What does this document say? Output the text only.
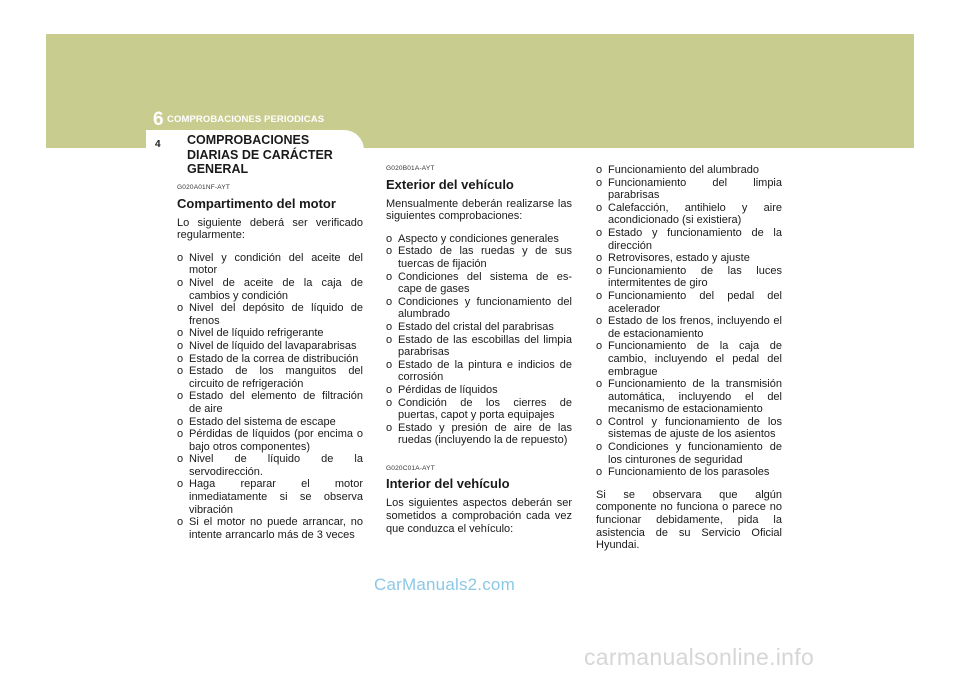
6 COMPROBACIONES PERIODICAS
4 COMPROBACIONES DIARIAS DE CARÁCTER GENERAL
G020A01NF-AYT
Compartimento del motor
Lo siguiente deberá ser verificado regularmente:
o Nivel y condición del aceite del motor
o Nivel de aceite de la caja de cambios y condición
o Nivel del depósito de líquido de frenos
o Nivel de líquido refrigerante
o Nivel de líquido del lavaparabrisas
o Estado de la correa de distribución
o Estado de los manguitos del circuito de refrigeración
o Estado del elemento de filtración de aire
o Estado del sistema de escape
o Pérdidas de líquidos (por encima o bajo otros componentes)
o Nivel de líquido de la servodirección.
o Haga reparar el motor inmediatamente si se observa vibración
o Si el motor no puede arrancar, no intente arrancarlo más de 3 veces
G020B01A-AYT
Exterior del vehículo
Mensualmente deberán realizarse las siguientes comprobaciones:
o Aspecto y condiciones generales
o Estado de las ruedas y de sus tuercas de fijación
o Condiciones del sistema de es- cape de gases
o Condiciones y funcionamiento del alumbrado
o Estado del cristal del parabrisas
o Estado de las escobillas del limpia parabrisas
o Estado de la pintura e indicios de corrosión
o Pérdidas de líquidos
o Condición de los cierres de puertas, capot y porta equipajes
o Estado y presión de aire de las ruedas (incluyendo la de repuesto)
G020C01A-AYT
Interior del vehículo
Los siguientes aspectos deberán ser sometidos a comprobación cada vez que conduzca el vehículo:
o Funcionamiento del alumbrado
o Funcionamiento del limpia parabrisas
o Calefacción, antihielo y aire acondicionado (si existiera)
o Estado y funcionamiento de la dirección
o Retrovisores, estado y ajuste
o Funcionamiento de las luces intermitentes de giro
o Funcionamiento del pedal del acelerador
o Estado de los frenos, incluyendo el de estacionamiento
o Funcionamiento de la caja de cambio, incluyendo el pedal del embrague
o Funcionamiento de la transmisión automática, incluyendo el del mecanismo de estacionamiento
o Control y funcionamiento de los sistemas de ajuste de los asientos
o Condiciones y funcionamiento de los cinturones de seguridad
o Funcionamiento de los parasoles
Si se observara que algún componente no funciona o parece no funcionar debidamente, pida la asistencia de su Servicio Oficial Hyundai.
CarManuals2.com
carmanualsonline.info
